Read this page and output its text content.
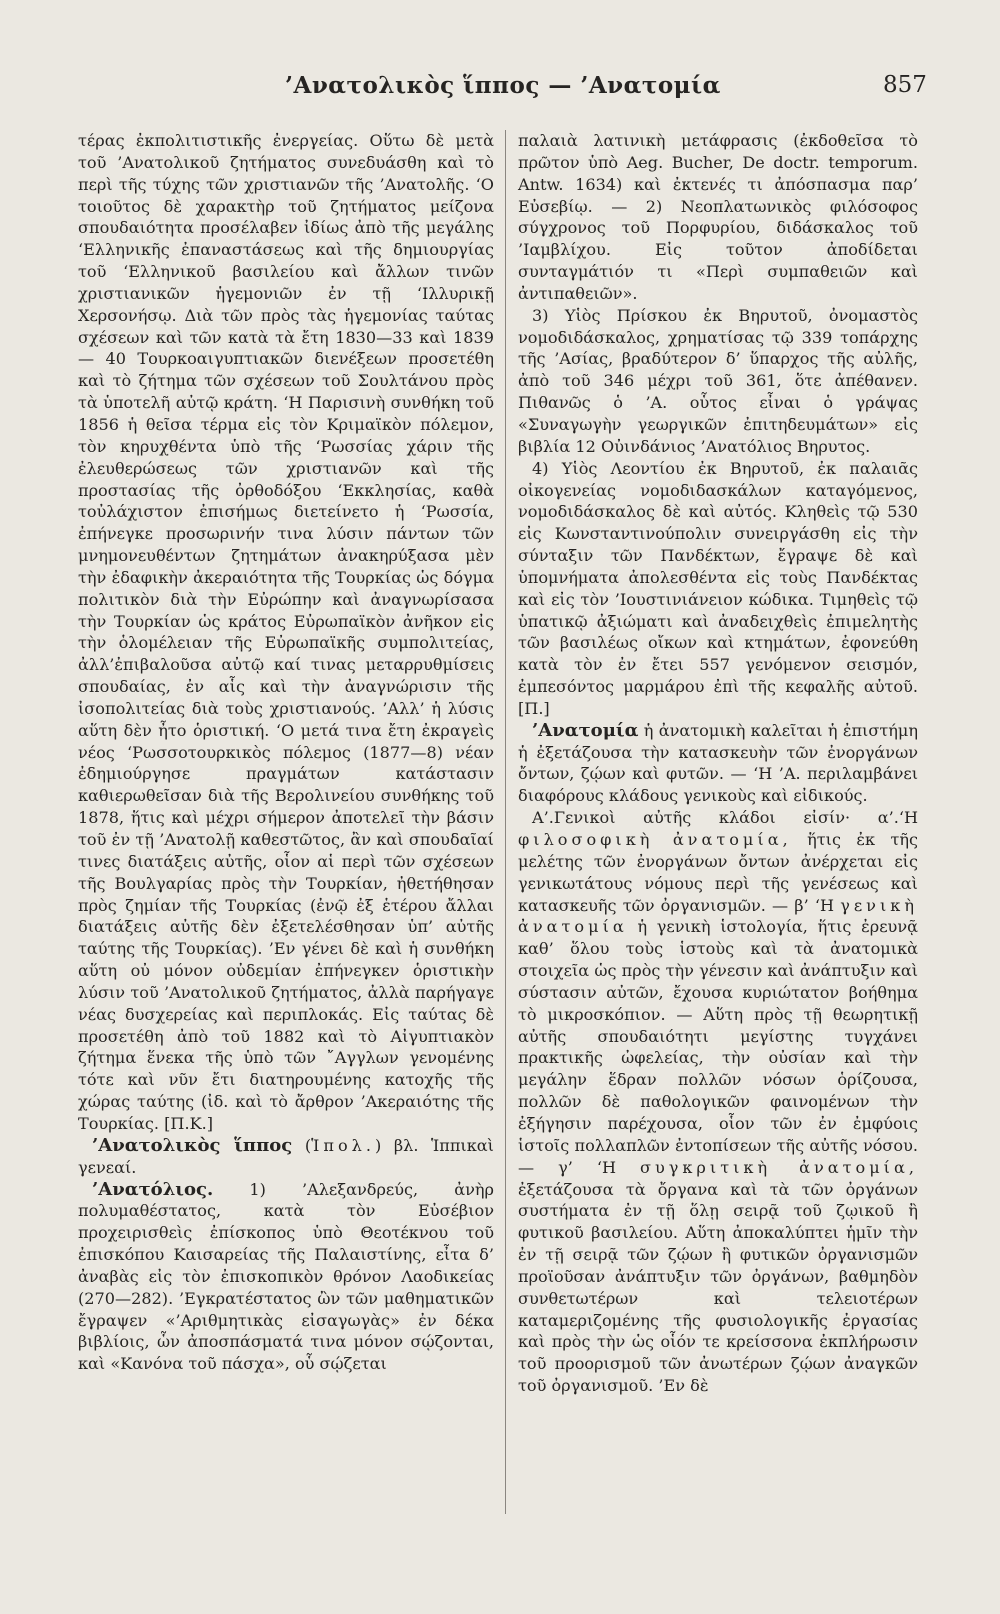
’Ανατολικὸς ἵππος — ’Ανατομία	857

τέρας ἐκπολιτιστικῆς ἐνεργείας. Οὕτω δὲ μετὰ τοῦ ’Ανατολικοῦ ζητήματος συνεδυάσθη καὶ τὸ περὶ τῆς τύχης τῶν χριστιανῶν τῆς ’Ανατολῆς. ‘Ο τοιοῦτος δὲ χαρακτὴρ τοῦ ζητήματος μείζονα σπουδαιότητα προσέλαβεν ἰδίως ἀπὸ τῆς μεγάλης ‘Ελληνικῆς ἐπαναστάσεως καὶ τῆς δημιουργίας τοῦ ‘Ελληνικοῦ βασιλείου καὶ ἄλλων τινῶν χριστιανικῶν ἡγεμονιῶν ἐν τῇ ‘Ιλλυρικῇ Χερσονήσῳ. Διὰ τῶν πρὸς τὰς ἡγεμονίας ταύτας σχέσεων καὶ τῶν κατὰ τὰ ἔτη 1830—33 καὶ 1839 — 40 Τουρκοαιγυπτιακῶν διενέξεων προσετέθη καὶ τὸ ζήτημα τῶν σχέσεων τοῦ Σουλτάνου πρὸς τὰ ὑποτελῆ αὐτῷ κράτη. ‘Η Παρισινὴ συνθήκη τοῦ 1856 ἡ θεῖσα τέρμα εἰς τὸν Κριμαϊκὸν πόλεμον, τὸν κηρυχθέντα ὑπὸ τῆς ‘Ρωσσίας χάριν τῆς ἐλευθερώσεως τῶν χριστιανῶν καὶ τῆς προστασίας τῆς ὀρθοδόξου ‘Εκκλησίας, καθὰ τοὐλάχιστον ἐπισήμως διετείνετο ἡ ‘Ρωσσία, ἐπήνεγκε προσωρινήν τινα λύσιν πάντων τῶν μνημονευθέντων ζητημάτων ἀνακηρύξασα μὲν τὴν ἐδαφικὴν ἀκεραιότητα τῆς Τουρκίας ὡς δόγμα πολιτικὸν διὰ τὴν Εὐρώπην καὶ ἀναγνωρίσασα τὴν Τουρκίαν ὡς κράτος Εὐρωπαϊκὸν ἀνῆκον εἰς τὴν ὁλομέλειαν τῆς Εὐρωπαϊκῆς συμπολιτείας, ἀλλ’ἐπιβαλοῦσα αὐτῷ καί τινας μεταρρυθμίσεις σπουδαίας, ἐν αἷς καὶ τὴν ἀναγνώρισιν τῆς ἰσοπολιτείας διὰ τοὺς χριστιανούς. ’Αλλ’ ἡ λύσις αὕτη δὲν ἦτο ὁριστική. ‘Ο μετά τινα ἔτη ἐκραγεὶς νέος ‘Ρωσσοτουρκικὸς πόλεμος (1877—8) νέαν ἐδημιούργησε πραγμάτων κατάστασιν καθιερωθεῖσαν διὰ τῆς Βερολινείου συνθήκης τοῦ 1878, ἥτις καὶ μέχρι σήμερον ἀποτελεῖ τὴν βάσιν τοῦ ἐν τῇ ’Ανατολῇ καθεστῶτος, ἂν καὶ σπουδαῖαί τινες διατάξεις αὐτῆς, οἷον αἱ περὶ τῶν σχέσεων τῆς Βουλγαρίας πρὸς τὴν Τουρκίαν, ἠθετήθησαν πρὸς ζημίαν τῆς Τουρκίας (ἐνῷ ἐξ ἑτέρου ἄλλαι διατάξεις αὐτῆς δὲν ἐξετελέσθησαν ὑπ’ αὐτῆς ταύτης τῆς Τουρκίας). ’Εν γένει δὲ καὶ ἡ συνθήκη αὕτη οὐ μόνον οὐδεμίαν ἐπήνεγκεν ὁριστικὴν λύσιν τοῦ ’Ανατολικοῦ ζητήματος, ἀλλὰ παρήγαγε νέας δυσχερείας καὶ περιπλοκάς. Εἰς ταύτας δὲ προσετέθη ἀπὸ τοῦ 1882 καὶ τὸ Αἰγυπτιακὸν ζήτημα ἕνεκα τῆς ὑπὸ τῶν ῎Αγγλων γενομένης τότε καὶ νῦν ἔτι διατηρουμένης κατοχῆς τῆς χώρας ταύτης (ἰδ. καὶ τὸ ἄρθρον ’Ακεραιότης τῆς Τουρκίας. [Π.Κ.]

’Ανατολικὸς ἵππος (Ἱπολ.) βλ. Ἱππικαὶ γενεαί.

’Ανατόλιος. 1) ’Αλεξανδρεύς, ἀνὴρ πολυμαθέστατος, κατὰ τὸν Εὐσέβιον προχειρισθεὶς ἐπίσκοπος ὑπὸ Θεοτέκνου τοῦ ἐπισκόπου Καισαρείας τῆς Παλαιστίνης, εἶτα δ’ ἀναβὰς εἰς τὸν ἐπισκοπικὸν θρόνον Λαοδικείας (270—282). ’Εγκρατέστατος ὢν τῶν μαθηματικῶν ἔγραψεν «’Αριθμητικὰς εἰσαγωγὰς» ἐν δέκα βιβλίοις, ὧν ἀποσπάσματά τινα μόνον σῴζονται, καὶ «Κανόνα τοῦ πάσχα», οὗ σῴζεται

παλαιὰ λατινικὴ μετάφρασις (ἐκδοθεῖσα τὸ πρῶτον ὑπὸ Aeg. Bucher, De doctr. temporum. Antw. 1634) καὶ ἐκτενές τι ἀπόσπασμα παρ’ Εὐσεβίῳ. — 2) Νεοπλατωνικὸς φιλόσοφος σύγχρονος τοῦ Πορφυρίου, διδάσκαλος τοῦ ’Ιαμβλίχου. Εἰς τοῦτον ἀποδίδεται συνταγμάτιόν τι «Περὶ συμπαθειῶν καὶ ἀντιπαθειῶν».

3) Υἱὸς Πρίσκου ἐκ Βηρυτοῦ, ὀνομαστὸς νομοδιδάσκαλος, χρηματίσας τῷ 339 τοπάρχης τῆς ’Ασίας, βραδύτερον δ’ ὕπαρχος τῆς αὐλῆς, ἀπὸ τοῦ 346 μέχρι τοῦ 361, ὅτε ἀπέθανεν. Πιθανῶς ὁ ’Α. οὗτος εἶναι ὁ γράψας «Συναγωγὴν γεωργικῶν ἐπιτηδευμάτων» εἰς βιβλία 12 Οὐινδάνιος ’Ανατόλιος Βηρυτος.

4) Υἱὸς Λεοντίου ἐκ Βηρυτοῦ, ἐκ παλαιᾶς οἰκογενείας νομοδιδασκάλων καταγόμενος, νομοδιδάσκαλος δὲ καὶ αὐτός. Κληθεὶς τῷ 530 εἰς Κωνσταντινούπολιν συνειργάσθη εἰς τὴν σύνταξιν τῶν Πανδέκτων, ἔγραψε δὲ καὶ ὑπομνήματα ἀπολεσθέντα εἰς τοὺς Πανδέκτας καὶ εἰς τὸν ’Ιουστινιάνειον κώδικα. Τιμηθεὶς τῷ ὑπατικῷ ἀξιώματι καὶ ἀναδειχθεὶς ἐπιμελητὴς τῶν βασιλέως οἴκων καὶ κτημάτων, ἐφονεύθη κατὰ τὸν ἐν ἔτει 557 γενόμενον σεισμόν, ἐμπεσόντος μαρμάρου ἐπὶ τῆς κεφαλῆς αὐτοῦ. [Π.]

’Ανατομία ἡ ἀνατομικὴ καλεῖται ἡ ἐπιστήμη ἡ ἐξετάζουσα τὴν κατασκευὴν τῶν ἐνοργάνων ὄντων, ζῴων καὶ φυτῶν. — ‘Η ’Α. περιλαμβάνει διαφόρους κλάδους γενικοὺς καὶ εἰδικούς.

Α’.Γενικοὶ αὐτῆς κλάδοι εἰσίν· α’.‘Η φιλοσοφικὴ ἀνατομία, ἥτις ἐκ τῆς μελέτης τῶν ἐνοργάνων ὄντων ἀνέρχεται εἰς γενικωτάτους νόμους περὶ τῆς γενέσεως καὶ κατασκευῆς τῶν ὀργανισμῶν. — β’ ‘Η γενικὴ ἀνατομία ἡ γενικὴ ἱστολογία, ἥτις ἐρευνᾷ καθ’ ὅλου τοὺς ἱστοὺς καὶ τὰ ἀνατομικὰ στοιχεῖα ὡς πρὸς τὴν γένεσιν καὶ ἀνάπτυξιν καὶ σύστασιν αὐτῶν, ἔχουσα κυριώτατον βοήθημα τὸ μικροσκόπιον. — Αὕτη πρὸς τῇ θεωρητικῇ αὐτῆς σπουδαιότητι μεγίστης τυγχάνει πρακτικῆς ὠφελείας, τὴν οὐσίαν καὶ τὴν μεγάλην ἕδραν πολλῶν νόσων ὁρίζουσα, πολλῶν δὲ παθολογικῶν φαινομένων τὴν ἐξήγησιν παρέχουσα, οἷον τῶν ἐν ἐμφύοις ἱστοῖς πολλαπλῶν ἐντοπίσεων τῆς αὐτῆς νόσου. — γ’ ‘Η συγκριτικὴ ἀνατομία, ἐξετάζουσα τὰ ὄργανα καὶ τὰ τῶν ὀργάνων συστήματα ἐν τῇ ὅλῃ σειρᾷ τοῦ ζῳικοῦ ἢ φυτικοῦ βασιλείου. Αὕτη ἀποκαλύπτει ἡμῖν τὴν ἐν τῇ σειρᾷ τῶν ζῴων ἢ φυτικῶν ὀργανισμῶν προϊοῦσαν ἀνάπτυξιν τῶν ὀργάνων, βαθμηδὸν συνθετωτέρων καὶ τελειοτέρων καταμεριζομένης τῆς φυσιολογικῆς ἐργασίας καὶ πρὸς τὴν ὡς οἷόν τε κρείσσονα ἐκπλήρωσιν τοῦ προορισμοῦ τῶν ἀνωτέρων ζῴων ἀναγκῶν τοῦ ὀργανισμοῦ. ’Εν δὲ
